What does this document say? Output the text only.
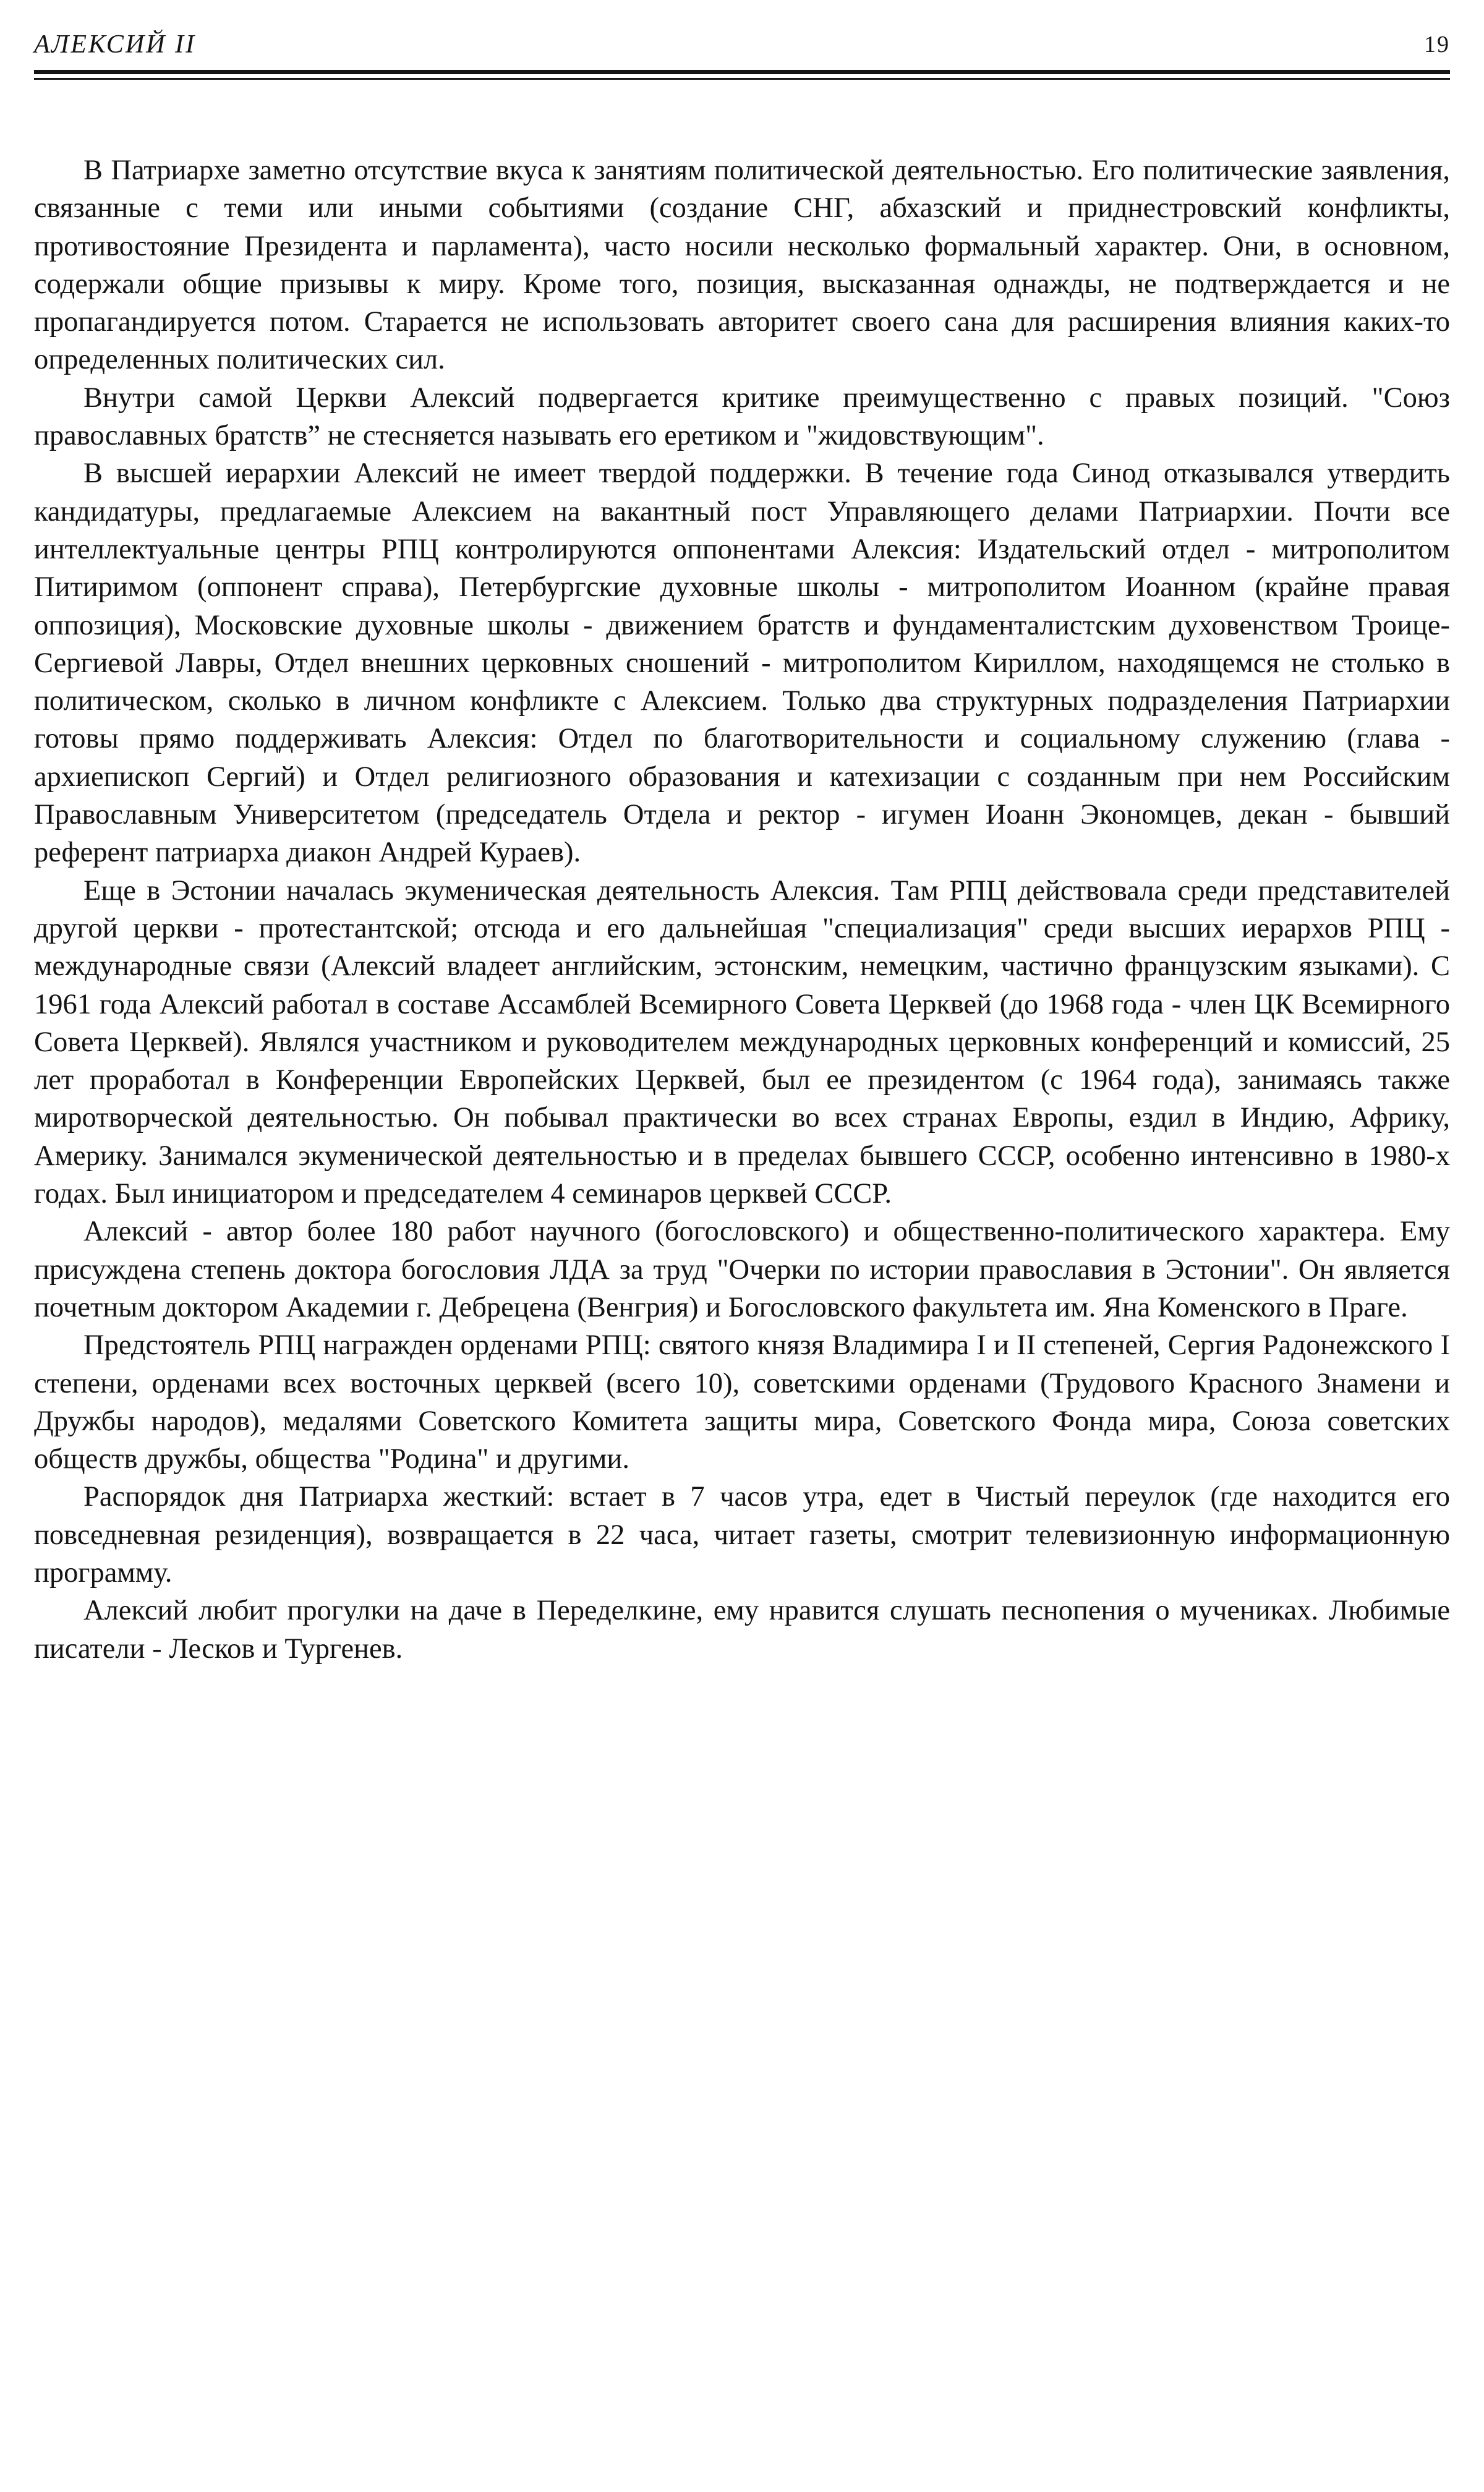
АЛЕКСИЙ II	19

В Патриархе заметно отсутствие вкуса к занятиям политической деятельностью. Его политические заявления, связанные с теми или иными событиями (создание СНГ, абхазский и приднестровский конфликты, противостояние Президента и парламента), часто носили несколько формальный характер. Они, в основном, содержали общие призывы к миру. Кроме того, позиция, высказанная однажды, не подтверждается и не пропагандируется потом. Старается не использовать авторитет своего сана для расширения влияния каких-то определенных политических сил.

Внутри самой Церкви Алексий подвергается критике преимущественно с правых позиций. "Союз православных братств” не стесняется называть его еретиком и "жидовствующим".

В высшей иерархии Алексий не имеет твердой поддержки. В течение года Синод отказывался утвердить кандидатуры, предлагаемые Алексием на вакантный пост Управляющего делами Патриархии. Почти все интеллектуальные центры РПЦ контролируются оппонентами Алексия: Издательский отдел - митрополитом Питиримом (оппонент справа), Петербургские духовные школы - митрополитом Иоанном (крайне правая оппозиция), Московские духовные школы - движением братств и фундаменталистским духовенством Троице-Сергиевой Лавры, Отдел внешних церковных сношений - митрополитом Кириллом, находящемся не столько в политическом, сколько в личном конфликте с Алексием. Только два структурных подразделения Патриархии готовы прямо поддерживать Алексия: Отдел по благотворительности и социальному служению (глава - архиепископ Сергий) и Отдел религиозного образования и катехизации с созданным при нем Российским Православным Университетом (председатель Отдела и ректор - игумен Иоанн Экономцев, декан - бывший референт патриарха диакон Андрей Кураев).

Еще в Эстонии началась экуменическая деятельность Алексия. Там РПЦ действовала среди представителей другой церкви - протестантской; отсюда и его дальнейшая "специализация" среди высших иерархов РПЦ - международные связи (Алексий владеет английским, эстонским, немецким, частично французским языками). С 1961 года Алексий работал в составе Ассамблей Всемирного Совета Церквей (до 1968 года - член ЦК Всемирного Совета Церквей). Являлся участником и руководителем международных церковных конференций и комиссий, 25 лет проработал в Конференции Европейских Церквей, был ее президентом (с 1964 года), занимаясь также миротворческой деятельностью. Он побывал практически во всех странах Европы, ездил в Индию, Африку, Америку. Занимался экуменической деятельностью и в пределах бывшего СССР, особенно интенсивно в 1980-х годах. Был инициатором и председателем 4 семинаров церквей СССР.

Алексий - автор более 180 работ научного (богословского) и общественно-политического характера. Ему присуждена степень доктора богословия ЛДА за труд "Очерки по истории православия в Эстонии". Он является почетным доктором Академии г. Дебрецена (Венгрия) и Богословского факультета им. Яна Коменского в Праге.

Предстоятель РПЦ награжден орденами РПЦ: святого князя Владимира I и II степеней, Сергия Радонежского I степени, орденами всех восточных церквей (всего 10), советскими орденами (Трудового Красного Знамени и Дружбы народов), медалями Советского Комитета защиты мира, Советского Фонда мира, Союза советских обществ дружбы, общества "Родина" и другими.

Распорядок дня Патриарха жесткий: встает в 7 часов утра, едет в Чистый переулок (где находится его повседневная резиденция), возвращается в 22 часа, читает газеты, смотрит телевизионную информационную программу.

Алексий любит прогулки на даче в Переделкине, ему нравится слушать песнопения о мучениках. Любимые писатели - Лесков и Тургенев.
